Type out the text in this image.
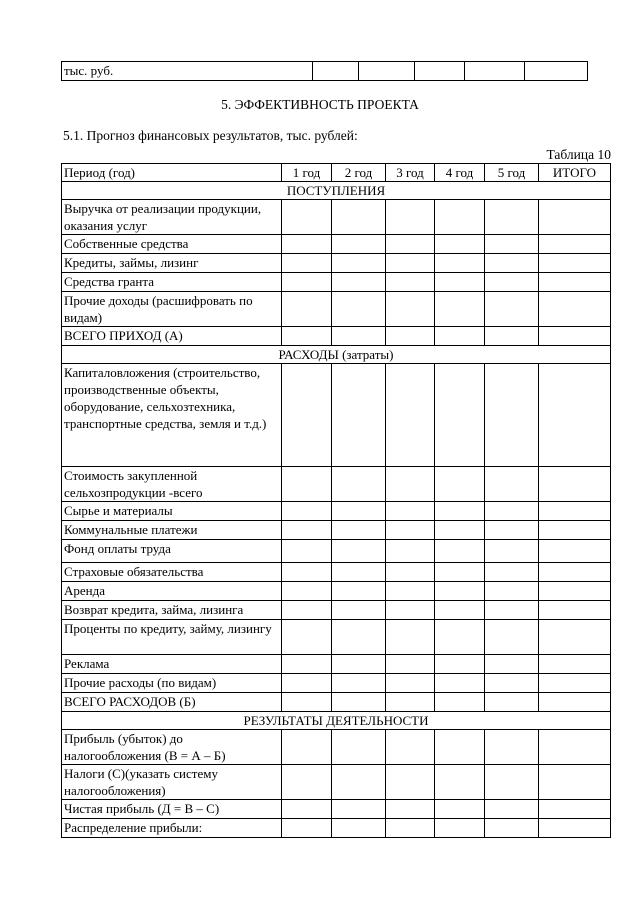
тыс. руб.					
5. ЭФФЕКТИВНОСТЬ ПРОЕКТА
5.1. Прогноз финансовых результатов, тыс. рублей:
Таблица 10
Период (год)	1 год	2 год	3 год	4 год	5 год	ИТОГО
ПОСТУПЛЕНИЯ						
Выручка от реализации продукции, оказания услуг						
Собственные средства						
Кредиты, займы, лизинг						
Средства гранта						
Прочие доходы (расшифровать по видам)						
ВСЕГО ПРИХОД (А)						
РАСХОДЫ (затраты)						
Капиталовложения (строительство, производственные объекты, оборудование, сельхозтехника, транспортные средства, земля и т.д.)						
Стоимость закупленной сельхозпродукции -всего						
Сырье и материалы						
Коммунальные платежи						
Фонд оплаты труда						
Страховые обязательства						
Аренда						
Возврат кредита, займа, лизинга						
Проценты по кредиту, займу, лизингу						
Реклама						
Прочие расходы (по видам)						
ВСЕГО РАСХОДОВ (Б)						
РЕЗУЛЬТАТЫ ДЕЯТЕЛЬНОСТИ						
Прибыль (убыток) до налогообложения (В = А – Б)						
Налоги (С)(указать систему налогообложения)						
Чистая прибыль (Д = В – С)						
Распределение прибыли:						
